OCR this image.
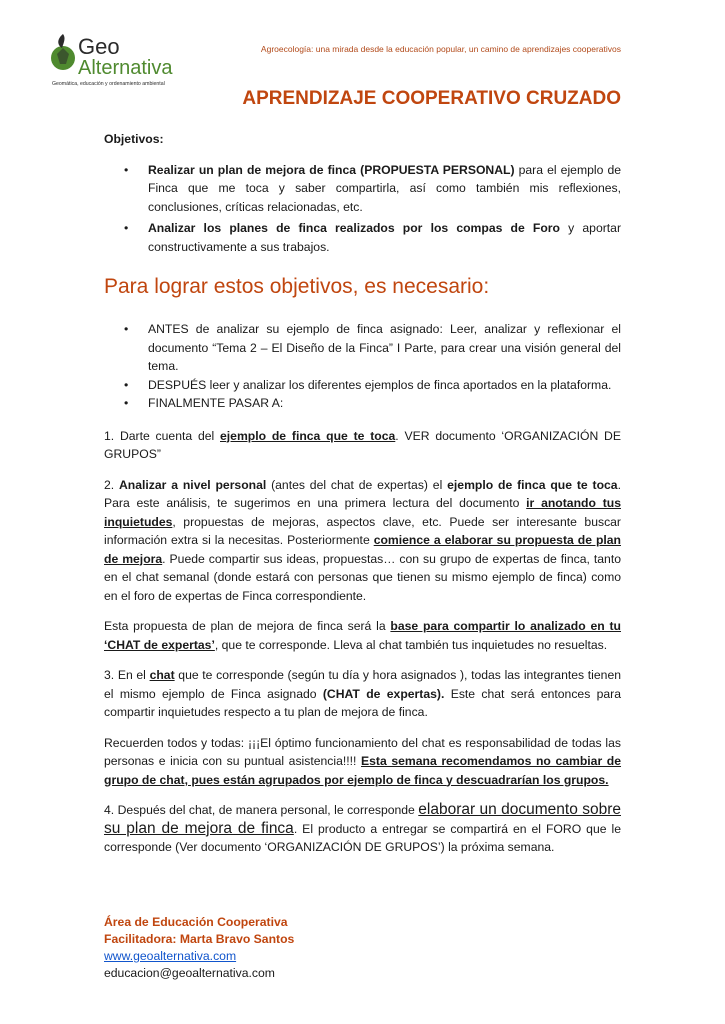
Geo
Alternativa
Geomática, educación y ordenamiento ambiental
Agroecología: una mirada desde la educación popular, un camino de aprendizajes cooperativos
APRENDIZAJE COOPERATIVO CRUZADO
Objetivos:
• Realizar un plan de mejora de finca (PROPUESTA PERSONAL) para el ejemplo de Finca que me toca y saber compartirla, así como también mis reflexiones, conclusiones, críticas relacionadas, etc.
• Analizar los planes de finca realizados por los compas de Foro y aportar constructivamente a sus trabajos.
Para lograr estos objetivos, es necesario:
• ANTES de analizar su ejemplo de finca asignado: Leer, analizar y reflexionar el documento “Tema 2 – El Diseño de la Finca” I Parte, para crear una visión general del tema.
• DESPUÉS leer y analizar los diferentes ejemplos de finca aportados en la plataforma.
• FINALMENTE PASAR A:

1. Darte cuenta del ejemplo de finca que te toca. VER documento ‘ORGANIZACIÓN DE GRUPOS”

2. Analizar a nivel personal (antes del chat de expertas) el ejemplo de finca que te toca. Para este análisis, te sugerimos en una primera lectura del documento ir anotando tus inquietudes, propuestas de mejoras, aspectos clave, etc. Puede ser interesante buscar información extra si la necesitas. Posteriormente comience a elaborar su propuesta de plan de mejora. Puede compartir sus ideas, propuestas… con su grupo de expertas de finca, tanto en el chat semanal (donde estará con personas que tienen su mismo ejemplo de finca) como en el foro de expertas de Finca correspondiente.

Esta propuesta de plan de mejora de finca será la base para compartir lo analizado en tu ‘CHAT de expertas’, que te corresponde. Lleva al chat también tus inquietudes no resueltas.

3. En el chat que te corresponde (según tu día y hora asignados ), todas las integrantes tienen el mismo ejemplo de Finca asignado (CHAT de expertas). Este chat será entonces para compartir inquietudes respecto a tu plan de mejora de finca.

Recuerden todos y todas: ¡¡¡El óptimo funcionamiento del chat es responsabilidad de todas las personas e inicia con su puntual asistencia!!!! Esta semana recomendamos no cambiar de grupo de chat, pues están agrupados por ejemplo de finca y descuadrarían los grupos.

4. Después del chat, de manera personal, le corresponde elaborar un documento sobre su plan de mejora de finca. El producto a entregar se compartirá en el FORO que le corresponde (Ver documento ‘ORGANIZACIÓN DE GRUPOS’) la próxima semana.

Área de Educación Cooperativa
Facilitadora: Marta Bravo Santos
www.geoalternativa.com
educacion@geoalternativa.com
